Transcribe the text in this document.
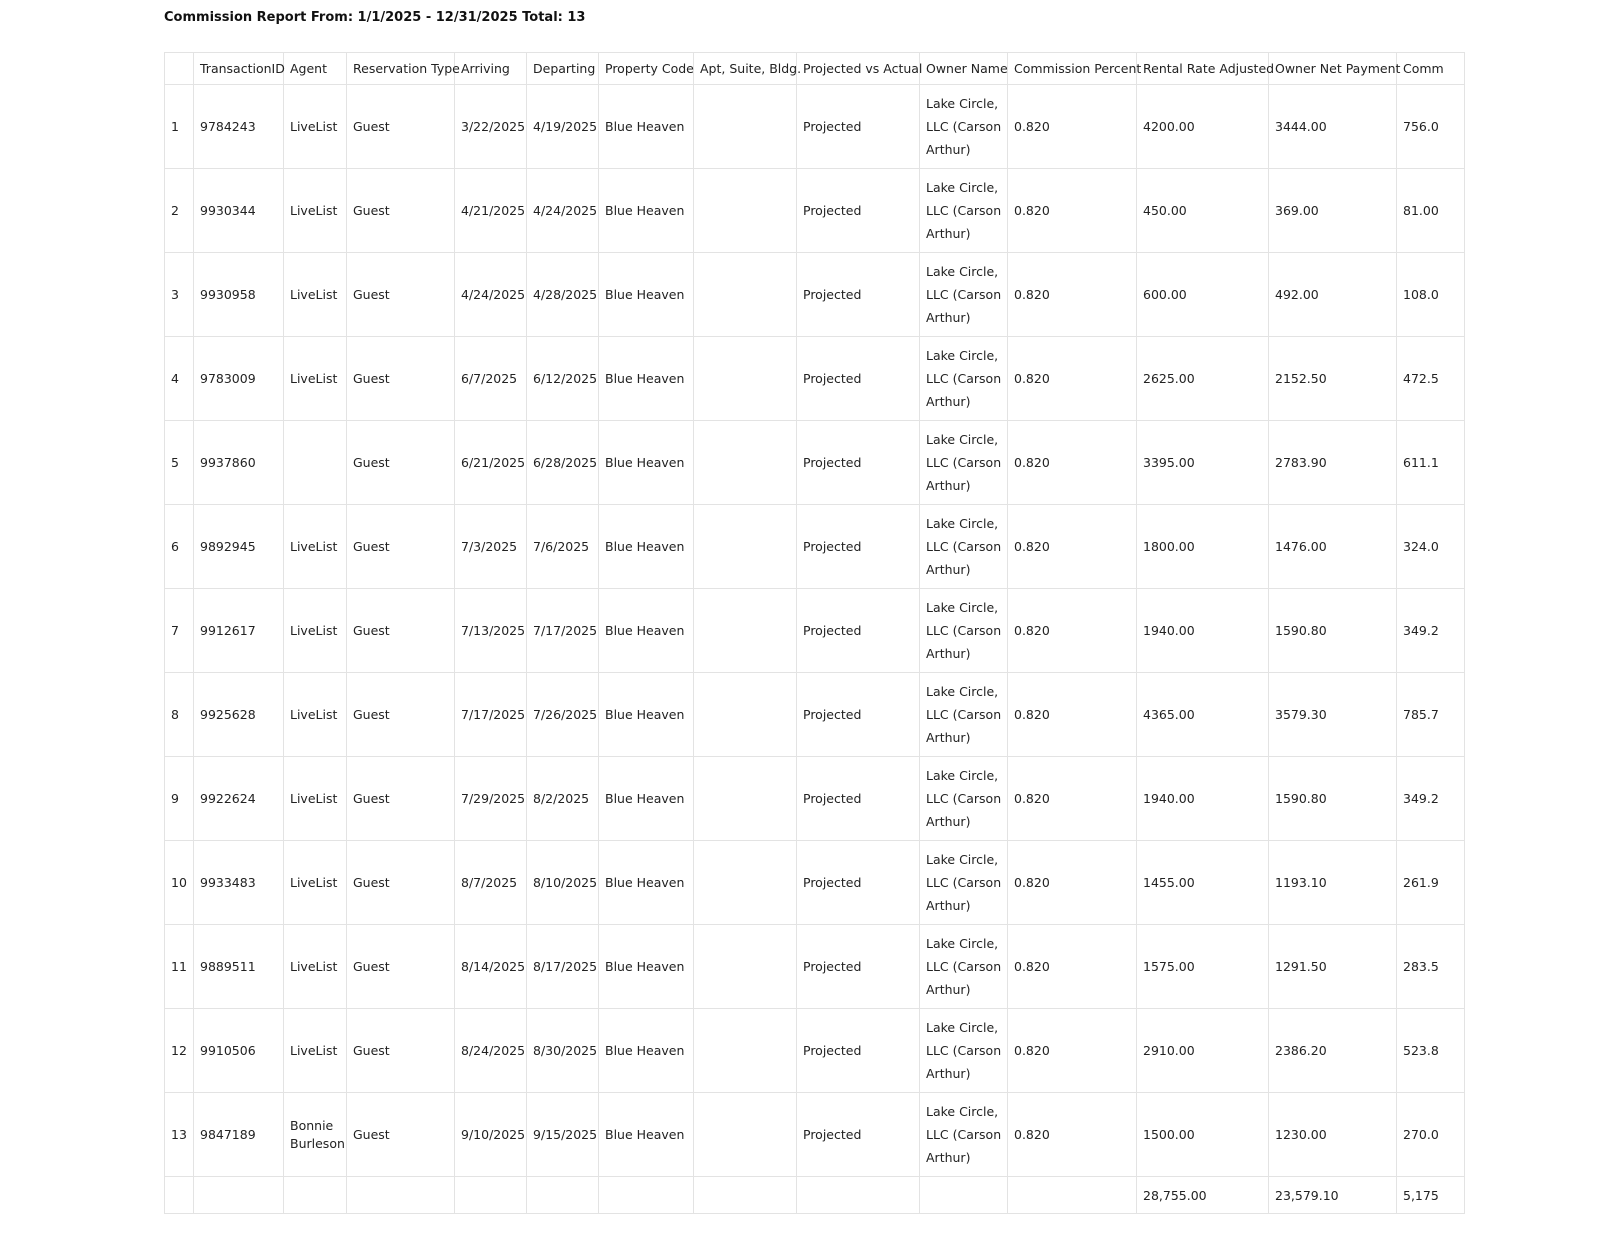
Commission Report From: 1/1/2025 - 12/31/2025 Total: 13
	TransactionID	Agent	Reservation Type	Arriving	Departing	Property Code	Apt, Suite, Bldg.	Projected vs Actual	Owner Name	Commission Percent	Rental Rate Adjusted	Owner Net Payment	Comm
1	9784243	LiveList	Guest	3/22/2025	4/19/2025	Blue Heaven		Projected	Lake Circle, LLC (Carson Arthur)	0.820	4200.00	3444.00	756.0
2	9930344	LiveList	Guest	4/21/2025	4/24/2025	Blue Heaven		Projected	Lake Circle, LLC (Carson Arthur)	0.820	450.00	369.00	81.00
3	9930958	LiveList	Guest	4/24/2025	4/28/2025	Blue Heaven		Projected	Lake Circle, LLC (Carson Arthur)	0.820	600.00	492.00	108.0
4	9783009	LiveList	Guest	6/7/2025	6/12/2025	Blue Heaven		Projected	Lake Circle, LLC (Carson Arthur)	0.820	2625.00	2152.50	472.5
5	9937860		Guest	6/21/2025	6/28/2025	Blue Heaven		Projected	Lake Circle, LLC (Carson Arthur)	0.820	3395.00	2783.90	611.1
6	9892945	LiveList	Guest	7/3/2025	7/6/2025	Blue Heaven		Projected	Lake Circle, LLC (Carson Arthur)	0.820	1800.00	1476.00	324.0
7	9912617	LiveList	Guest	7/13/2025	7/17/2025	Blue Heaven		Projected	Lake Circle, LLC (Carson Arthur)	0.820	1940.00	1590.80	349.2
8	9925628	LiveList	Guest	7/17/2025	7/26/2025	Blue Heaven		Projected	Lake Circle, LLC (Carson Arthur)	0.820	4365.00	3579.30	785.7
9	9922624	LiveList	Guest	7/29/2025	8/2/2025	Blue Heaven		Projected	Lake Circle, LLC (Carson Arthur)	0.820	1940.00	1590.80	349.2
10	9933483	LiveList	Guest	8/7/2025	8/10/2025	Blue Heaven		Projected	Lake Circle, LLC (Carson Arthur)	0.820	1455.00	1193.10	261.9
11	9889511	LiveList	Guest	8/14/2025	8/17/2025	Blue Heaven		Projected	Lake Circle, LLC (Carson Arthur)	0.820	1575.00	1291.50	283.5
12	9910506	LiveList	Guest	8/24/2025	8/30/2025	Blue Heaven		Projected	Lake Circle, LLC (Carson Arthur)	0.820	2910.00	2386.20	523.8
13	9847189	Bonnie Burleson	Guest	9/10/2025	9/15/2025	Blue Heaven		Projected	Lake Circle, LLC (Carson Arthur)	0.820	1500.00	1230.00	270.0
											28,755.00	23,579.10	5,175
